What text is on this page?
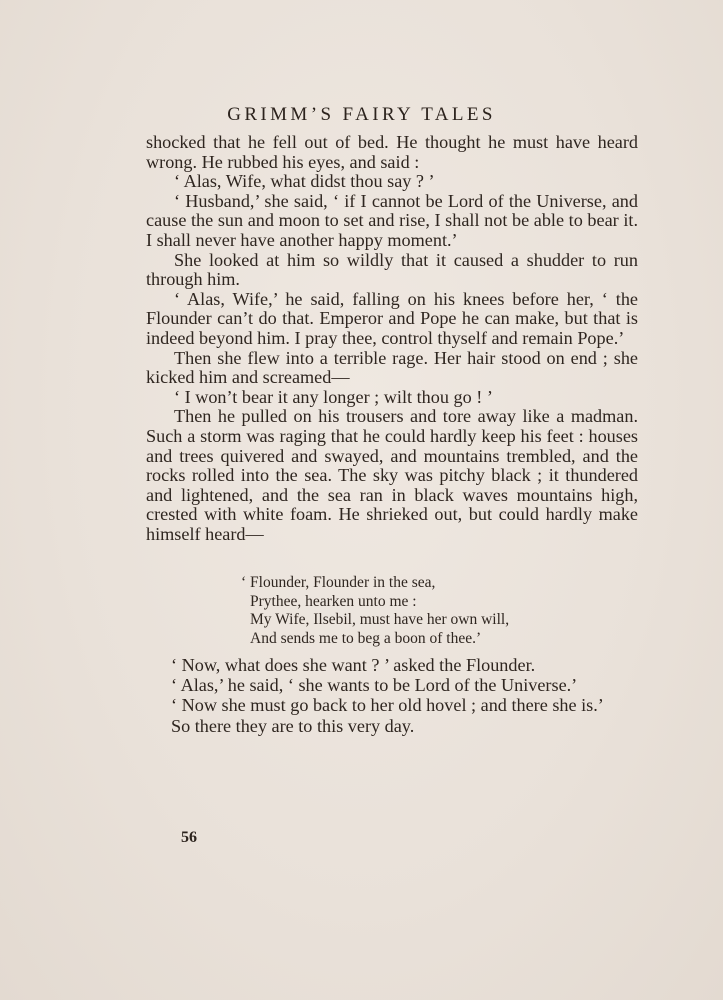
GRIMM’S FAIRY TALES

shocked that he fell out of bed. He thought he must have heard wrong. He rubbed his eyes, and said :

‘ Alas, Wife, what didst thou say ? ’

‘ Husband,’ she said, ‘ if I cannot be Lord of the Universe, and cause the sun and moon to set and rise, I shall not be able to bear it. I shall never have another happy moment.’

She looked at him so wildly that it caused a shudder to run through him.

‘ Alas, Wife,’ he said, falling on his knees before her, ‘ the Flounder can’t do that. Emperor and Pope he can make, but that is indeed beyond him. I pray thee, control thyself and remain Pope.’

Then she flew into a terrible rage. Her hair stood on end ; she kicked him and screamed—

‘ I won’t bear it any longer ; wilt thou go ! ’

Then he pulled on his trousers and tore away like a madman. Such a storm was raging that he could hardly keep his feet : houses and trees quivered and swayed, and mountains trembled, and the rocks rolled into the sea. The sky was pitchy black ; it thundered and lightened, and the sea ran in black waves mountains high, crested with white foam. He shrieked out, but could hardly make himself heard—

‘ Flounder, Flounder in the sea,

Prythee, hearken unto me :

My Wife, Ilsebil, must have her own will,

And sends me to beg a boon of thee.’

‘ Now, what does she want ? ’ asked the Flounder.

‘ Alas,’ he said, ‘ she wants to be Lord of the Universe.’

‘ Now she must go back to her old hovel ; and there she is.’

So there they are to this very day.

56
